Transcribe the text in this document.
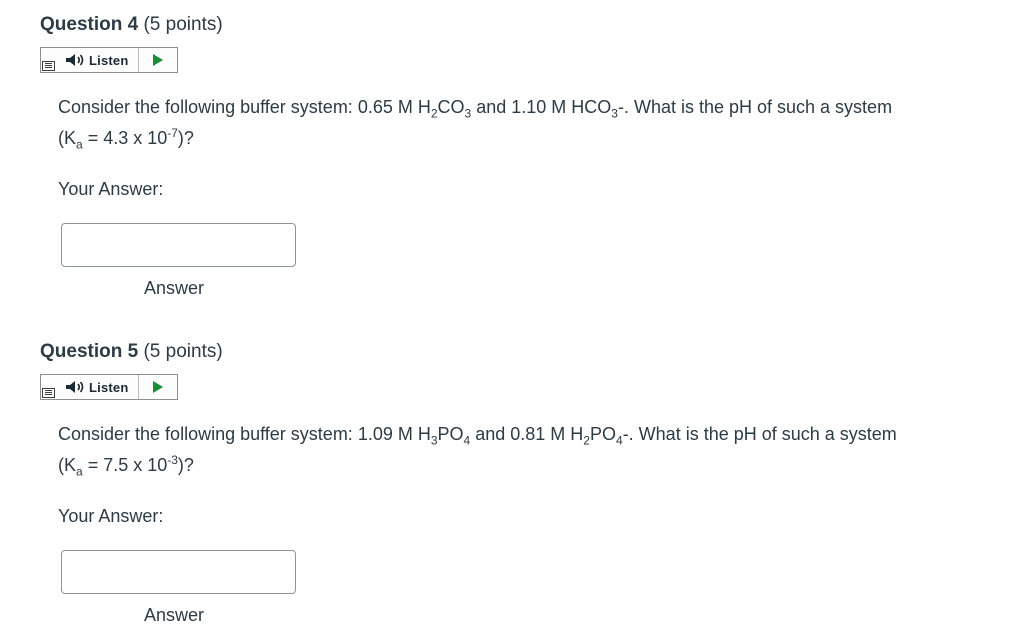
Question 4 (5 points)
Listen

Consider the following buffer system: 0.65 M $H_2CO_3$ and 1.10 M $HCO_3-$. What is the pH of such a system ($K_a = 4.3$ x $10^{-7}$)?

Your Answer:

Answer

Question 5 (5 points)
Listen

Consider the following buffer system: 1.09 M $H_3PO_4$ and 0.81 M $H_2PO_4-$. What is the pH of such a system ($K_a = 7.5$ x $10^{-3}$)?

Your Answer:

Answer
